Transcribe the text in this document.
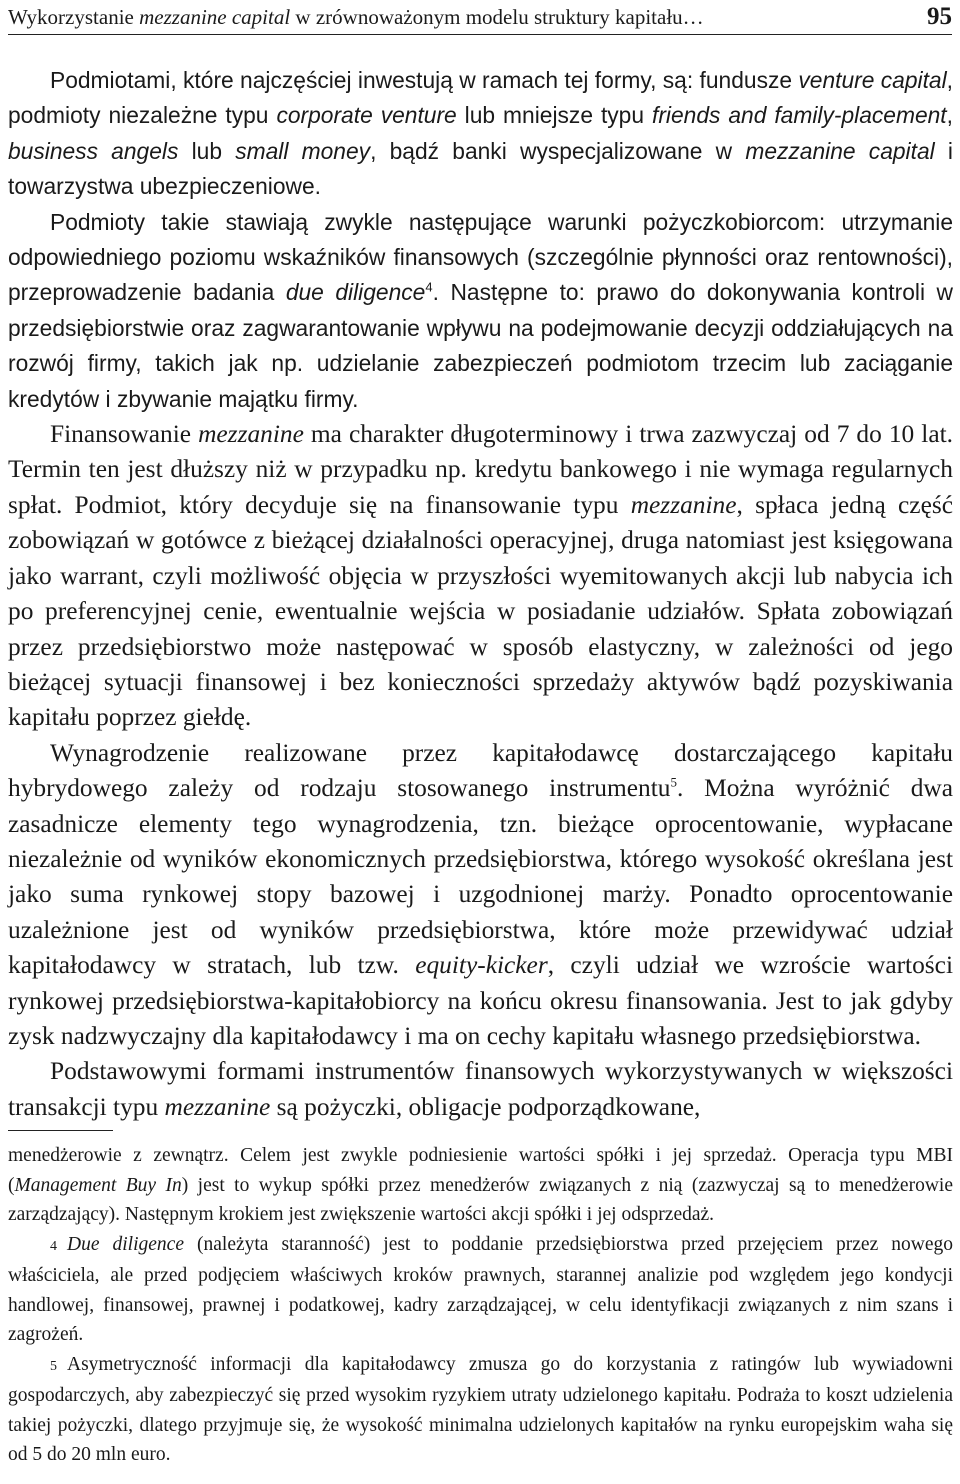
Wykorzystanie mezzanine capital w zrównoważonym modelu struktury kapitału…	95

Podmiotami, które najczęściej inwestują w ramach tej formy, są: fundusze venture capital, podmioty niezależne typu corporate venture lub mniejsze typu friends and family-placement, business angels lub small money, bądź banki wyspecjalizowane w mezzanine capital i towarzystwa ubezpieczeniowe.

Podmioty takie stawiają zwykle następujące warunki pożyczkobiorcom: utrzymanie odpowiedniego poziomu wskaźników finansowych (szczególnie płynności oraz rentowności), przeprowadzenie badania due diligence$^4$. Następne to: prawo do dokonywania kontroli w przedsiębiorstwie oraz zagwarantowanie wpływu na podejmowanie decyzji oddziałujących na rozwój firmy, takich jak np. udzielanie zabezpieczeń podmiotom trzecim lub zaciąganie kredytów i zbywanie majątku firmy.

Finansowanie mezzanine ma charakter długoterminowy i trwa zazwyczaj od 7 do 10 lat. Termin ten jest dłuższy niż w przypadku np. kredytu bankowego i nie wymaga regularnych spłat. Podmiot, który decyduje się na finansowanie typu mezzanine, spłaca jedną część zobowiązań w gotówce z bieżącej działalności operacyjnej, druga natomiast jest księgowana jako warrant, czyli możliwość objęcia w przyszłości wyemitowanych akcji lub nabycia ich po preferencyjnej cenie, ewentualnie wejścia w posiadanie udziałów. Spłata zobowiązań przez przedsiębiorstwo może następować w sposób elastyczny, w zależności od jego bieżącej sytuacji finansowej i bez konieczności sprzedaży aktywów bądź pozyskiwania kapitału poprzez giełdę.

Wynagrodzenie realizowane przez kapitałodawcę dostarczającego kapitału hybrydowego zależy od rodzaju stosowanego instrumentu$^5$. Można wyróżnić dwa zasadnicze elementy tego wynagrodzenia, tzn. bieżące oprocentowanie, wypłacane niezależnie od wyników ekonomicznych przedsiębiorstwa, którego wysokość określana jest jako suma rynkowej stopy bazowej i uzgodnionej marży. Ponadto oprocentowanie uzależnione jest od wyników przedsiębiorstwa, które może przewidywać udział kapitałodawcy w stratach, lub tzw. equity-kicker, czyli udział we wzroście wartości rynkowej przedsiębiorstwa-kapitałobiorcy na końcu okresu finansowania. Jest to jak gdyby zysk nadzwyczajny dla kapitałodawcy i ma on cechy kapitału własnego przedsiębiorstwa.

Podstawowymi formami instrumentów finansowych wykorzystywanych w większości transakcji typu mezzanine są pożyczki, obligacje podporządkowane,

menedżerowie z zewnątrz. Celem jest zwykle podniesienie wartości spółki i jej sprzedaż. Operacja typu MBI (Management Buy In) jest to wykup spółki przez menedżerów związanych z nią (zazwyczaj są to menedżerowie zarządzający). Następnym krokiem jest zwiększenie wartości akcji spółki i jej odsprzedaż.

4 Due diligence (należyta staranność) jest to poddanie przedsiębiorstwa przed przejęciem przez nowego właściciela, ale przed podjęciem właściwych kroków prawnych, starannej analizie pod względem jego kondycji handlowej, finansowej, prawnej i podatkowej, kadry zarządzającej, w celu identyfikacji związanych z nim szans i zagrożeń.

5 Asymetryczność informacji dla kapitałodawcy zmusza go do korzystania z ratingów lub wywiadowni gospodarczych, aby zabezpieczyć się przed wysokim ryzykiem utraty udzielonego kapitału. Podraża to koszt udzielenia takiej pożyczki, dlatego przyjmuje się, że wysokość minimalna udzielonych kapitałów na rynku europejskim waha się od 5 do 20 mln euro.
